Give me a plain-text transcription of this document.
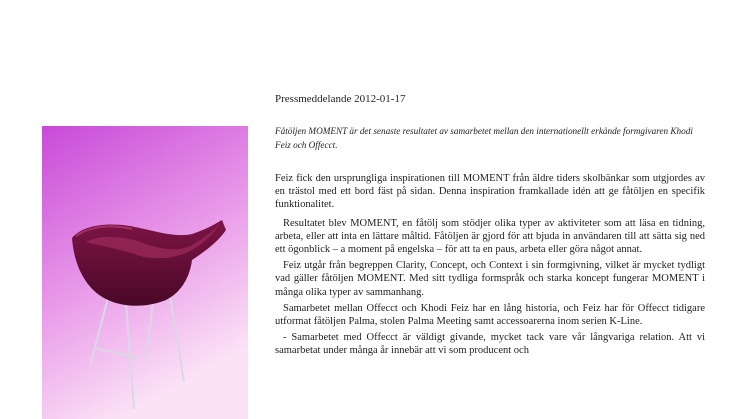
Pressmeddelande 2012-01-17
Fåtöljen MOMENT är det senaste resultatet av samarbetet mellan den internationellt erkände formgivaren Khodi Feiz och Offecct.

Feiz fick den ursprungliga inspirationen till MOMENT från äldre tiders skolbänkar som utgjordes av en trästol med ett bord fäst på sidan. Denna inspiration framkallade idén att ge fåtöljen en specifik funktionalitet.

Resultatet blev MOMENT, en fåtölj som stödjer olika typer av aktiviteter som att läsa en tidning, arbeta, eller att inta en lättare måltid. Fåtöljen är gjord för att bjuda in användaren till att sätta sig ned ett ögonblick – a moment på engelska – för att ta en paus, arbeta eller göra något annat.

Feiz utgår från begreppen Clarity, Concept, och Context i sin formgivning, vilket är mycket tydligt vad gäller fåtöljen MOMENT. Med sitt tydliga formspråk och starka koncept fungerar MOMENT i många olika typer av sammanhang.

Samarbetet mellan Offecct och Khodi Feiz har en lång historia, och Feiz har för Offecct tidigare utformat fåtöljen Palma, stolen Palma Meeting samt accessoarerna inom serien K-Line.

- Samarbetet med Offecct är väldigt givande, mycket tack vare vår långvariga relation. Att vi samarbetat under många år innebär att vi som producent och
